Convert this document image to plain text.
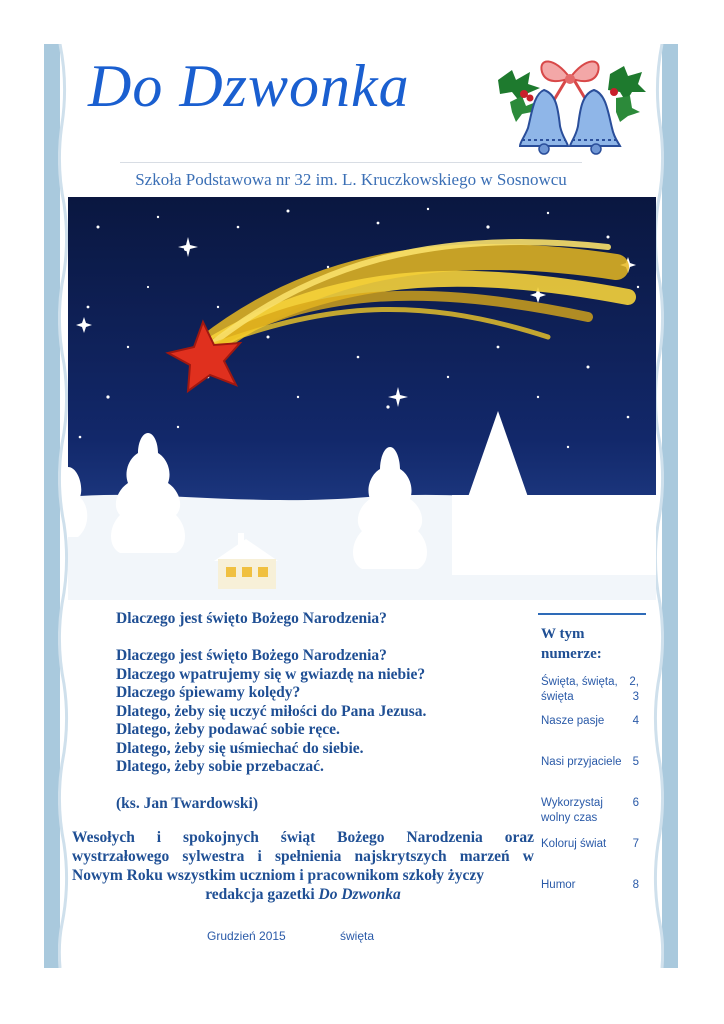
Do Dzwonka
Szkoła Podstawowa nr 32 im. L. Kruczkowskiego w Sosnowcu
Dlaczego jest święto Bożego Narodzenia?
Dlaczego jest święto Bożego Narodzenia?
Dlaczego wpatrujemy się w gwiazdę na niebie?
Dlaczego śpiewamy kolędy?
Dlatego, żeby się uczyć miłości do Pana Jezusa.
Dlatego, żeby podawać sobie ręce.
Dlatego, żeby się uśmiechać do siebie.
Dlatego, żeby sobie przebaczać.
(ks. Jan Twardowski)
Wesołych i spokojnych świąt Bożego Narodzenia oraz
wystrzałowego sylwestra i spełnienia najskrytszych marzeń w
Nowym Roku wszystkim uczniom i pracownikom szkoły życzy
redakcja gazetki Do Dzwonka
W tym numerze:
Święta, święta, święta
2, 3
Nasze pasje 4
Nasi przyjaciele 5
Wykorzystaj wolny czas
6
Koloruj świat 7
Humor	8
Grudzień 2015	święta
